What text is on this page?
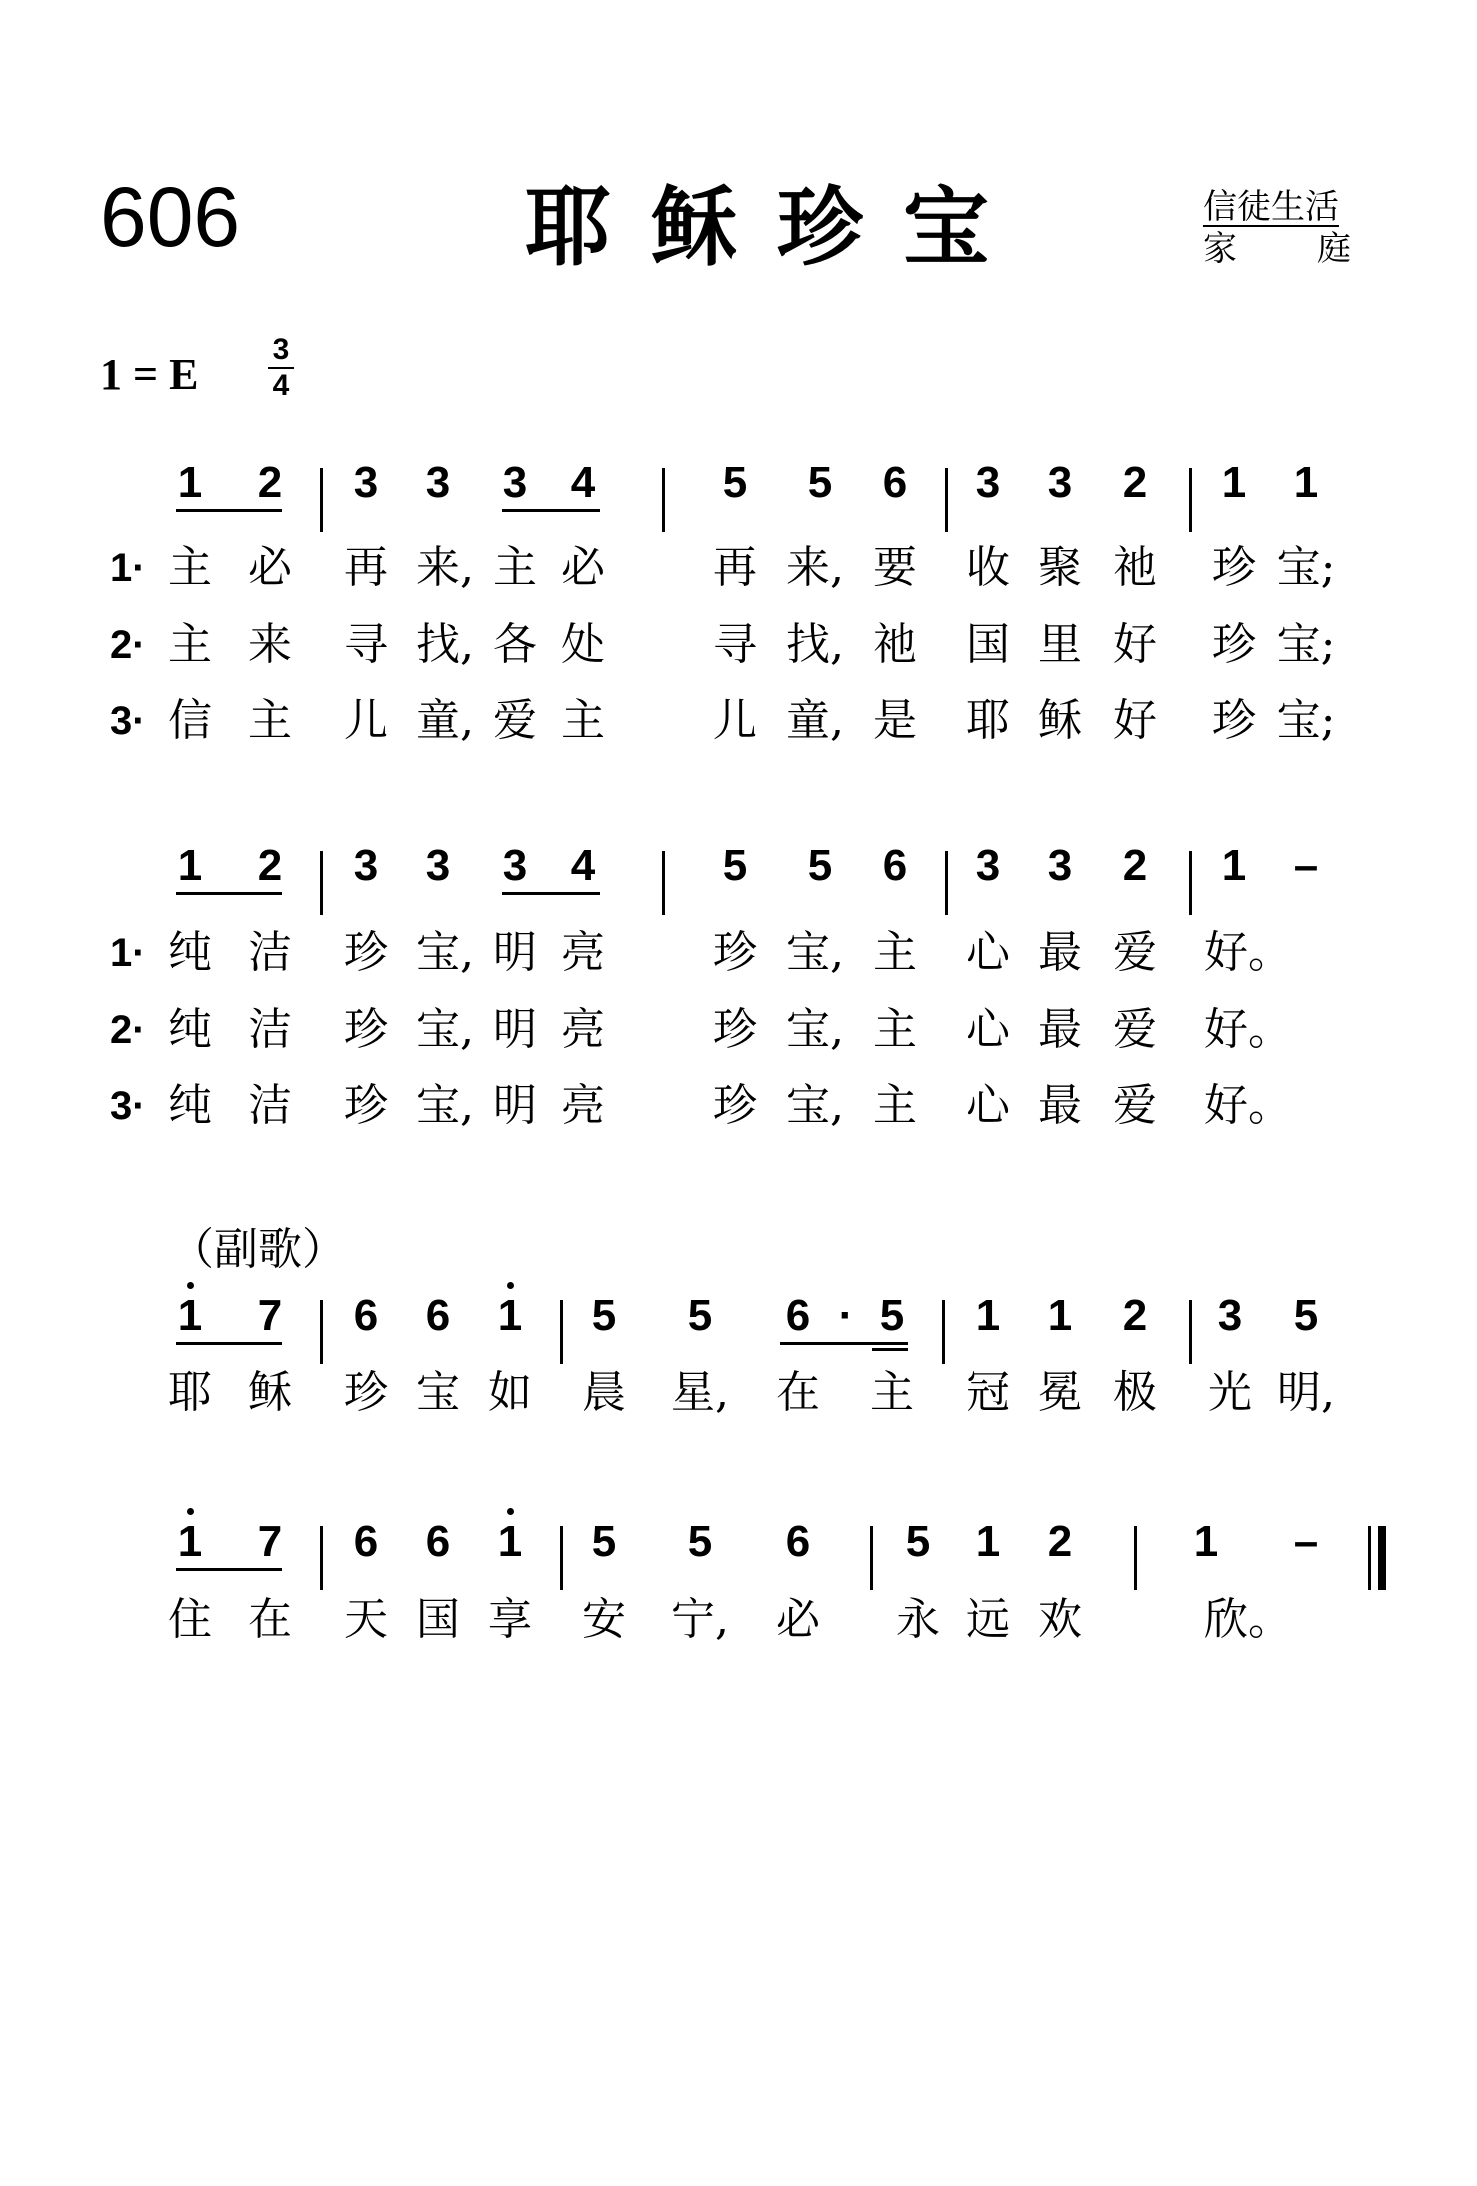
606	耶稣珍宝	信徒生活
家 庭
1 = E
3
4
（副歌）
1 2 3 3 3 4	5 5 6 3 3 2 1 1
1· 主 必 再 来, 主 必 再 来, 要 收 聚 祂 珍 宝;
2· 主 来 寻 找, 各 处 寻 找, 祂 国 里 好 珍 宝;
3· 信 主 儿 童, 爱 主 儿 童, 是 耶 稣 好 珍 宝;
1 2 3 3 3 4	5 5 6 3 3 2 1 –
1· 纯 洁 珍 宝, 明 亮 珍 宝, 主 心 最 爱 好。
2· 纯 洁 珍 宝, 明 亮 珍 宝, 主 心 最 爱 好。
3· 纯 洁 珍 宝, 明 亮 珍 宝, 主 心 最 爱 好。
1 7 6 6 1 5 5 6 · 5 1 1 2 3 5
耶 稣 珍 宝 如 晨 星, 在 主 冠 冕 极 光 明,
1 7 6 6 1 5 5 6 5 1 2	1 –
住 在 天 国 享 安 宁, 必 永 远 欢	欣。
